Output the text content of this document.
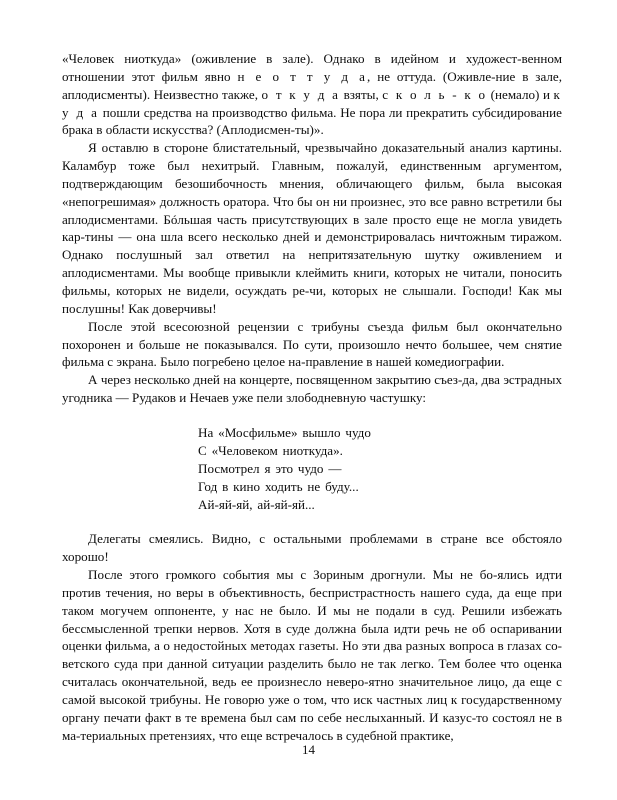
«Человек ниоткуда» (оживление в зале). Однако в идейном и художест-венном отношении этот фильм явно н е о т т у д а, не оттуда. (Оживле-ние в зале, аплодисменты). Неизвестно также, о т к у д а взяты, с к о л ь - к о (немало) и к у д а пошли средства на производство фильма. Не пора ли прекратить субсидирование брака в области искусства? (Аплодисмен-ты)».

Я оставлю в стороне блистательный, чрезвычайно доказательный анализ картины. Каламбур тоже был нехитрый. Главным, пожалуй, единственным аргументом, подтверждающим безошибочность мнения, обличающего фильм, была высокая «непогрешимая» должность оратора. Что бы он ни произнес, это все равно встретили бы аплодисментами. Бóльшая часть присутствующих в зале просто еще не могла увидеть кар-тины — она шла всего несколько дней и демонстрировалась ничтожным тиражом. Однако послушный зал ответил на непритязательную шутку оживлением и аплодисментами. Мы вообще привыкли клеймить книги, которых не читали, поносить фильмы, которых не видели, осуждать ре-чи, которых не слышали. Господи! Как мы послушны! Как доверчивы!

После этой всесоюзной рецензии с трибуны съезда фильм был окончательно похоронен и больше не показывался. По сути, произошло нечто большее, чем снятие фильма с экрана. Было погребено целое на-правление в нашей комедиографии.

А через несколько дней на концерте, посвященном закрытию съез-да, два эстрадных угодника — Рудаков и Нечаев уже пели злободневную частушку:

На «Мосфильме» вышло чудо
С «Человеком ниоткуда».
Посмотрел я это чудо —
Год в кино ходить не буду...
Ай-яй-яй, ай-яй-яй...

Делегаты смеялись. Видно, с остальными проблемами в стране все обстояло хорошо!

После этого громкого события мы с Зориным дрогнули. Мы не бо-ялись идти против течения, но веры в объективность, беспристрастность нашего суда, да еще при таком могучем оппоненте, у нас не было. И мы не подали в суд. Решили избежать бессмысленной трепки нервов. Хотя в суде должна была идти речь не об оспаривании оценки фильма, а о недостойных методах газеты. Но эти два разных вопроса в глазах со-ветского суда при данной ситуации разделить было не так легко. Тем более что оценка считалась окончательной, ведь ее произнесло неверо-ятно значительное лицо, да еще с самой высокой трибуны. Не говорю уже о том, что иск частных лиц к государственному органу печати факт в те времена был сам по себе неслыханный. И казус-то состоял не в ма-териальных претензиях, что еще встречалось в судебной практике,

14
